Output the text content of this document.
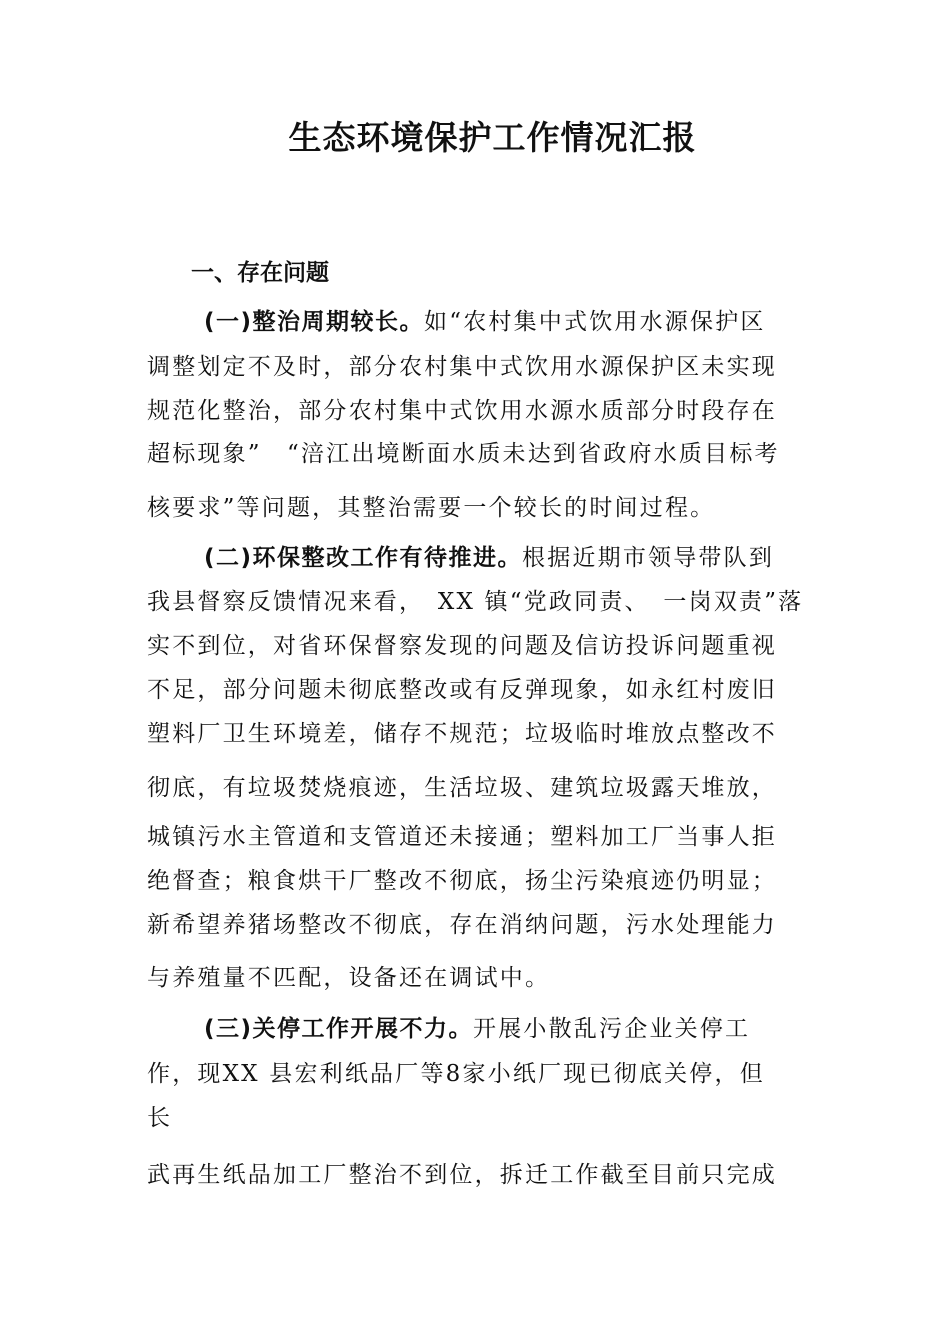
生态环境保护工作情况汇报
一、存在问题

(一)整治周期较长。如“农村集中式饮用水源保护区

调整划定不及时，部分农村集中式饮用水源保护区未实现

规范化整治，部分农村集中式饮用水源水质部分时段存在

超标现象”　“涪江出境断面水质未达到省政府水质目标考

核要求”等问题，其整治需要一个较长的时间过程。

(二)环保整改工作有待推进。根据近期市领导带队到

我县督察反馈情况来看，　XX 镇“党政同责、　一岗双责”落

实不到位，对省环保督察发现的问题及信访投诉问题重视

不足，部分问题未彻底整改或有反弹现象，如永红村废旧

塑料厂卫生环境差，储存不规范；垃圾临时堆放点整改不

彻底，有垃圾焚烧痕迹，生活垃圾、建筑垃圾露天堆放，

城镇污水主管道和支管道还未接通；塑料加工厂当事人拒

绝督查；粮食烘干厂整改不彻底，扬尘污染痕迹仍明显；

新希望养猪场整改不彻底，存在消纳问题，污水处理能力

与养殖量不匹配，设备还在调试中。

(三)关停工作开展不力。开展小散乱污企业关停工

作，现XX 县宏利纸品厂等8家小纸厂现已彻底关停，但

长

武再生纸品加工厂整治不到位，拆迁工作截至目前只完成
